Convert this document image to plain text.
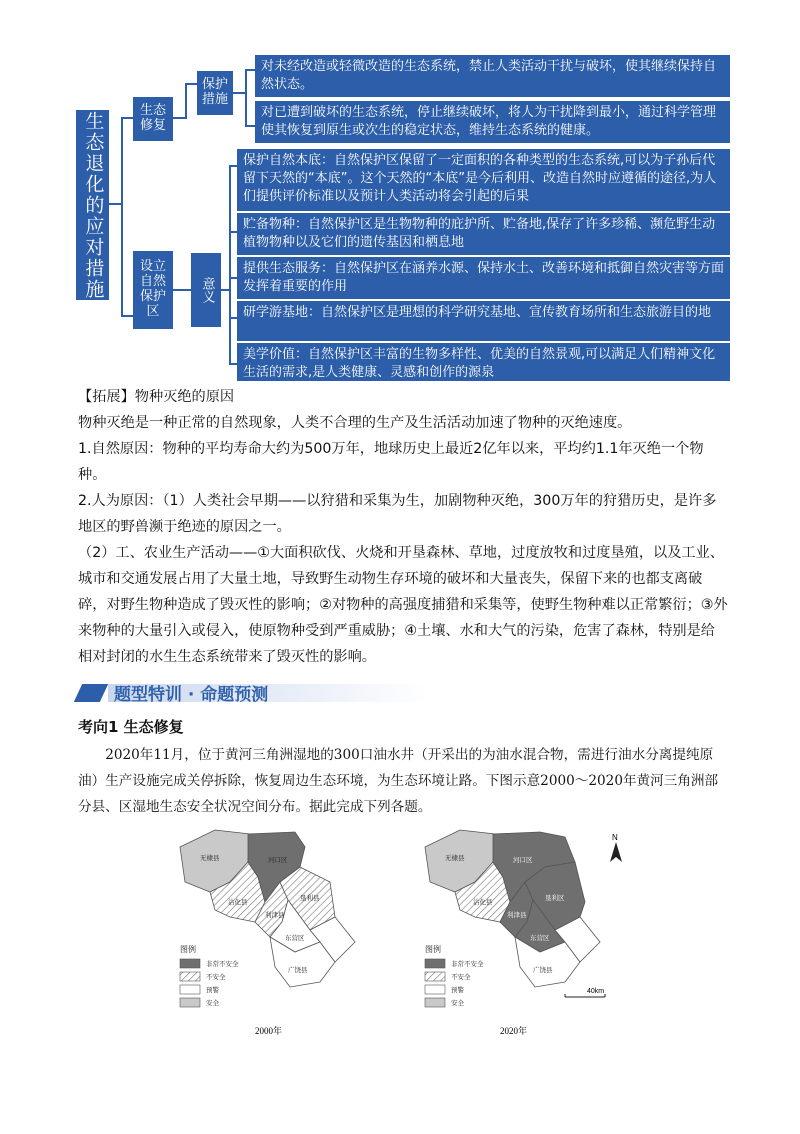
生态退化的应对措施	生态修复
设立自然保护区
保护措施
意义
对未经改造或轻微改造的生态系统，禁止人类活动干扰与破坏，使其继续保持自然状态。
对已遭到破坏的生态系统，停止继续破坏，将人为干扰降到最小，通过科学管理使其恢复到原生或次生的稳定状态，维持生态系统的健康。
保护自然本底：自然保护区保留了一定面积的各种类型的生态系统,可以为子孙后代留下天然的“本底”。这个天然的“本底”是今后利用、改造自然时应遵循的途径,为人们提供评价标准以及预计人类活动将会引起的后果
贮备物种：自然保护区是生物物种的庇护所、贮备地,保存了许多珍稀、濒危野生动植物物种以及它们的遗传基因和栖息地
提供生态服务：自然保护区在涵养水源、保持水土、改善环境和抵御自然灾害等方面发挥着重要的作用
研学游基地：自然保护区是理想的科学研究基地、宣传教育场所和生态旅游目的地
美学价值：自然保护区丰富的生物多样性、优美的自然景观,可以满足人们精神文化生活的需求,是人类健康、灵感和创作的源泉
【拓展】物种灭绝的原因
物种灭绝是一种正常的自然现象，人类不合理的生产及生活活动加速了物种的灭绝速度。
1.自然原因：物种的平均寿命大约为500万年，地球历史上最近2亿年以来，平均约1.1年灭绝一个物种。
2.人为原因：（1）人类社会早期——以狩猎和采集为生，加剧物种灭绝，300万年的狩猎历史，是许多地区的野兽濒于绝迹的原因之一。
（2）工、农业生产活动——①大面积砍伐、火烧和开垦森林、草地，过度放牧和过度垦殖，以及工业、城市和交通发展占用了大量土地，导致野生动物生存环境的破坏和大量丧失，保留下来的也都支离破碎，对野生物种造成了毁灭性的影响；②对物种的高强度捕猎和采集等，使野生物种难以正常繁衍；③外来物种的大量引入或侵入，使原物种受到严重威胁；④土壤、水和大气的污染，危害了森林，特别是给相对封闭的水生生态系统带来了毁灭性的影响。
题型特训 · 命题预测
考向1 生态修复
2020年11月，位于黄河三角洲湿地的300口油水井（开采出的为油水混合物，需进行油水分离提纯原油）生产设施完成关停拆除，恢复周边生态环境，为生态环境让路。下图示意2000～2020年黄河三角洲部分县、区湿地生态安全状况空间分布。据此完成下列各题。
无棣县
沾化县
河口区
利津县
垦利县
东营区
广饶县
图例
非常不安全
不安全
预警
安全
2000年
无棣县
沾化县
河口区
利津县
垦利区
东营区
广饶县
N
40km
图例
非常不安全
不安全
预警
安全
2020年
